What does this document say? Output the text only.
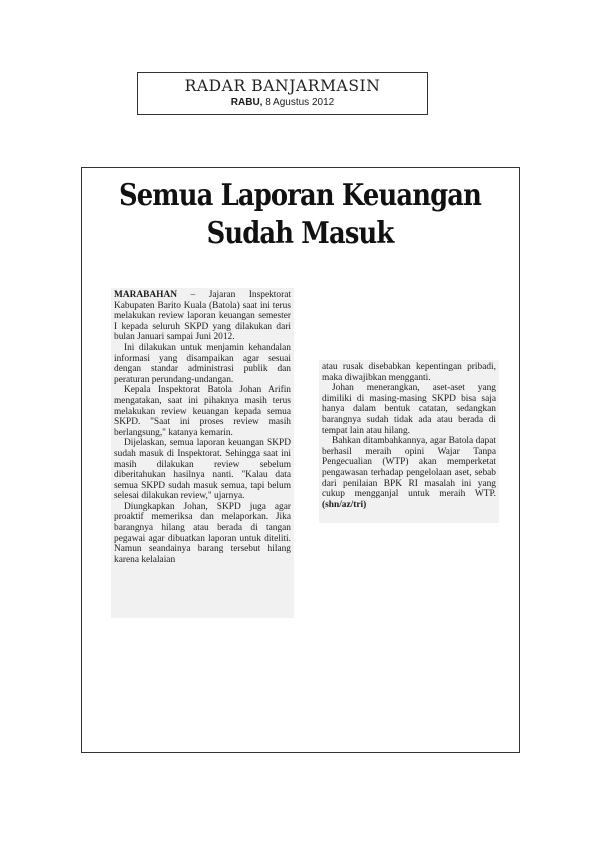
RADAR BANJARMASIN
RABU, 8 Agustus 2012
Semua Laporan Keuangan
Sudah Masuk

MARABAHAN – Jajaran Inspektorat Kabupaten Barito Kuala (Batola) saat ini terus melakukan review laporan keuangan semester I kepada seluruh SKPD yang dilakukan dari bulan Januari sampai Juni 2012.

Ini dilakukan untuk menjamin kehandalan informasi yang disampaikan agar sesuai dengan standar administrasi publik dan peraturan perundang-undangan.

Kepala Inspektorat Batola Johan Arifin mengatakan, saat ini pihaknya masih terus melakukan review keuangan kepada semua SKPD. "Saat ini proses review masih berlangsung," katanya kemarin.

Dijelaskan, semua laporan keuangan SKPD sudah masuk di Inspektorat. Sehingga saat ini masih dilakukan review sebelum diberitahukan hasilnya nanti. "Kalau data semua SKPD sudah masuk semua, tapi belum selesai dilakukan review," ujarnya.

Diungkapkan Johan, SKPD juga agar proaktif memeriksa dan melaporkan. Jika barangnya hilang atau berada di tangan pegawai agar dibuatkan laporan untuk diteliti. Namun seandainya barang tersebut hilang karena kelalaian

atau rusak disebabkan kepentingan pribadi, maka diwajibkan mengganti.

Johan menerangkan, aset-aset yang dimiliki di masing-masing SKPD bisa saja hanya dalam bentuk catatan, sedangkan barangnya sudah tidak ada atau berada di tempat lain atau hilang.

Bahkan ditambahkannya, agar Batola dapat berhasil meraih opini Wajar Tanpa Pengecualian (WTP) akan memperketat pengawasan terhadap pengelolaan aset, sebab dari penilaian BPK RI masalah ini yang cukup mengganjal untuk meraih WTP. (shn/az/tri)
